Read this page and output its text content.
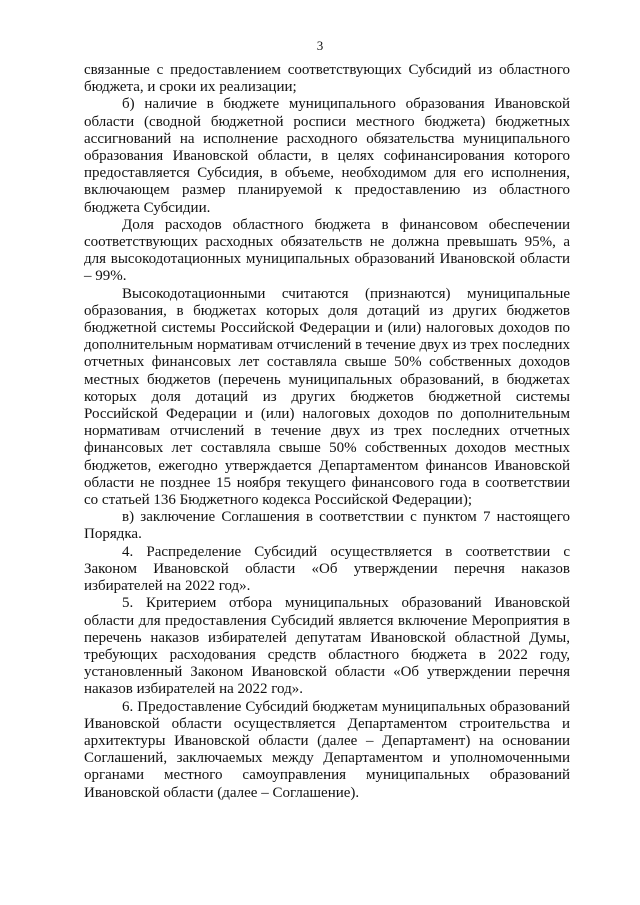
3

связанные с предоставлением соответствующих Субсидий из областного бюджета, и сроки их реализации;

б) наличие в бюджете муниципального образования Ивановской области (сводной бюджетной росписи местного бюджета) бюджетных ассигнований на исполнение расходного обязательства муниципального образования Ивановской области, в целях софинансирования которого предоставляется Субсидия, в объеме, необходимом для его исполнения, включающем размер планируемой к предоставлению из областного бюджета Субсидии.

Доля расходов областного бюджета в финансовом обеспечении соответствующих расходных обязательств не должна превышать 95%, а для высокодотационных муниципальных образований Ивановской области – 99%.

Высокодотационными считаются (признаются) муниципальные образования, в бюджетах которых доля дотаций из других бюджетов бюджетной системы Российской Федерации и (или) налоговых доходов по дополнительным нормативам отчислений в течение двух из трех последних отчетных финансовых лет составляла свыше 50% собственных доходов местных бюджетов (перечень муниципальных образований, в бюджетах которых доля дотаций из других бюджетов бюджетной системы Российской Федерации и (или) налоговых доходов по дополнительным нормативам отчислений в течение двух из трех последних отчетных финансовых лет составляла свыше 50% собственных доходов местных бюджетов, ежегодно утверждается Департаментом финансов Ивановской области не позднее 15 ноября текущего финансового года в соответствии со статьей 136 Бюджетного кодекса Российской Федерации);

в) заключение Соглашения в соответствии с пунктом 7 настоящего Порядка.

4. Распределение Субсидий осуществляется в соответствии с Законом Ивановской области «Об утверждении перечня наказов избирателей на 2022 год».

5. Критерием отбора муниципальных образований Ивановской области для предоставления Субсидий является включение Мероприятия в перечень наказов избирателей депутатам Ивановской областной Думы, требующих расходования средств областного бюджета в 2022 году, установленный Законом Ивановской области «Об утверждении перечня наказов избирателей на 2022 год».

6. Предоставление Субсидий бюджетам муниципальных образований Ивановской области осуществляется Департаментом строительства и архитектуры Ивановской области (далее – Департамент) на основании Соглашений, заключаемых между Департаментом и уполномоченными органами местного самоуправления муниципальных образований Ивановской области (далее – Соглашение).
